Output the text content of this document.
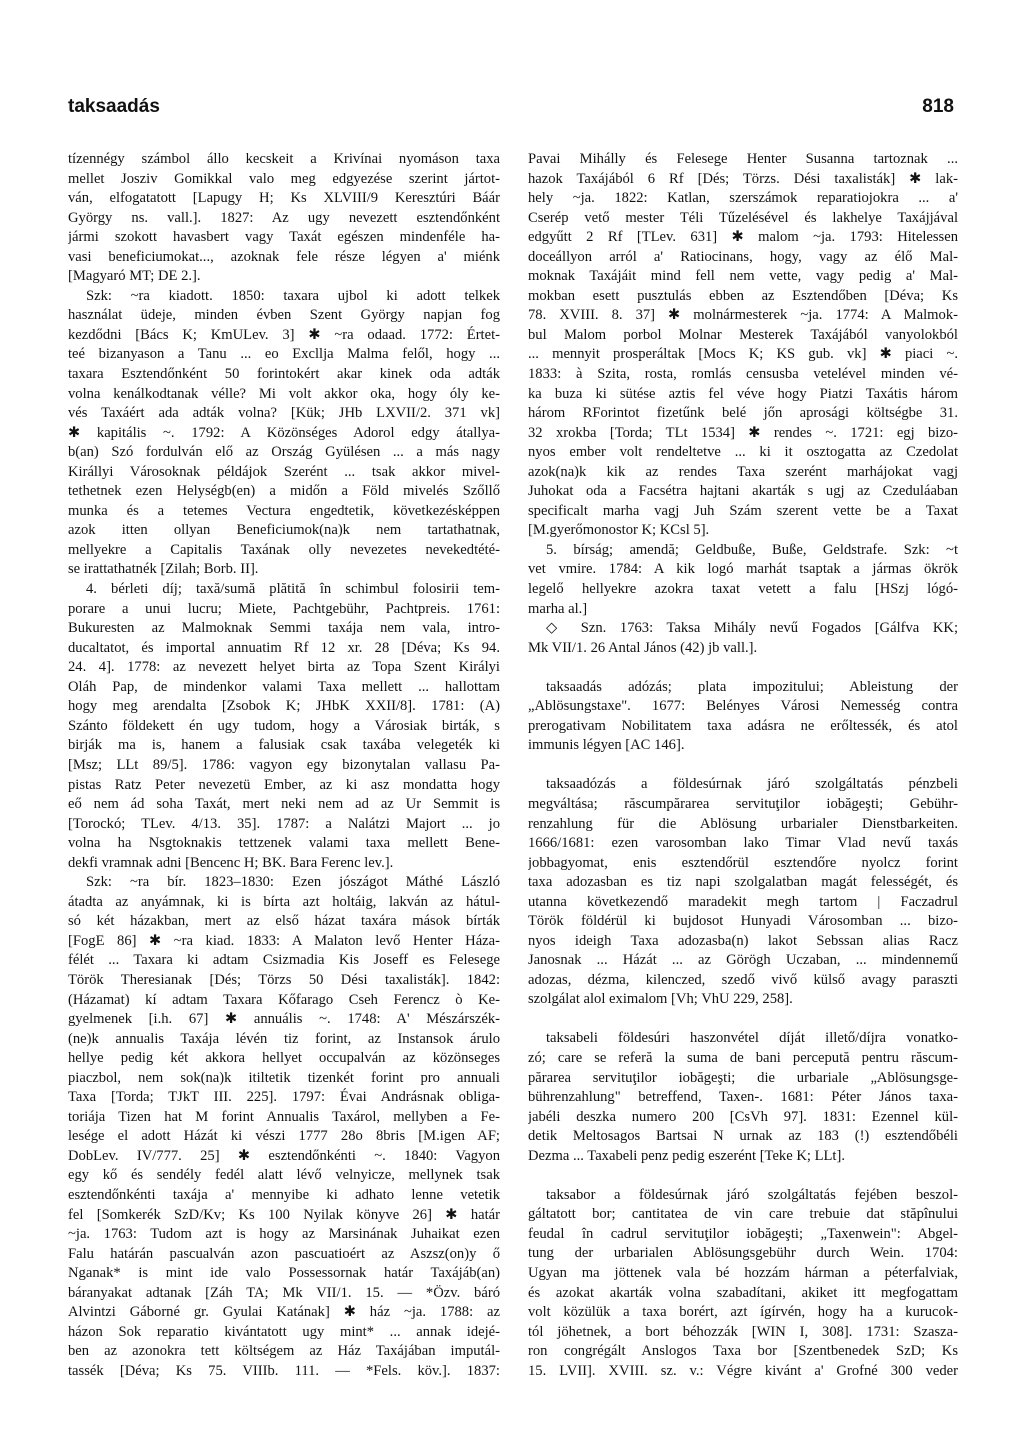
taksaadás	818
tízennégy számbol állo kecskeit a Krivínai nyomáson taxa
mellet Josziv Gomikkal valo meg edgyezése szerint jártot-
ván, elfogatatott [Lapugy H; Ks XLVIII/9 Keresztúri Báár
György ns. vall.]. 1827: Az ugy nevezett esztendőnként
jármi szokott havasbert vagy Taxát egészen mindenféle ha-
vasi beneficiumokat..., azoknak fele része légyen a' miénk
[Magyaró MT; DE 2.].
Szk: ~ra kiadott. 1850: taxara ujbol ki adott telkek
használat üdeje, minden évben Szent György napjan fog
kezdődni [Bács K; KmULev. 3] ✱ ~ra odaad. 1772: Értet-
teé bizanyason a Tanu ... eo Excllja Malma felől, hogy ...
taxara Esztendőnként 50 forintokért akar kinek oda adták
volna kenálkodtanak vélle? Mi volt akkor oka, hogy óly ke-
vés Taxáért ada adták volna? [Kük; JHb LXVII/2. 371 vk]
✱ kapitális ~. 1792: A Közönséges Adorol edgy átallya-
b(an) Szó fordulván elő az Ország Gyülésen ... a más nagy
Királlyi Városoknak példájok Szerént ... tsak akkor mivel-
tethetnek ezen Helységb(en) a midőn a Föld mivelés Szőllő
munka és a tetemes Vectura engedtetik, következésképpen
azok itten ollyan Beneficiumok(na)k nem tartathatnak,
mellyekre a Capitalis Taxának olly nevezetes nevekedtété-
se irattathatnék [Zilah; Borb. II].
4. bérleti díj; taxă/sumă plătită în schimbul folosirii tem-
porare a unui lucru; Miete, Pachtgebühr, Pachtpreis. 1761:
Bukuresten az Malmoknak Semmi taxája nem vala, intro-
ducaltatot, és importal annuatim Rf 12 xr. 28 [Déva; Ks 94.
24. 4]. 1778: az nevezett helyet birta az Topa Szent Királyi
Oláh Pap, de mindenkor valami Taxa mellett ... hallottam
hogy meg arendalta [Zsobok K; JHbK XXII/8]. 1781: (A)
Szánto földekett én ugy tudom, hogy a Városiak birták, s
birják ma is, hanem a falusiak csak taxába velegeték ki
[Msz; LLt 89/5]. 1786: vagyon egy bizonytalan vallasu Pa-
pistas Ratz Peter nevezetü Ember, az ki asz mondatta hogy
eő nem ád soha Taxát, mert neki nem ad az Ur Semmit is
[Torockó; TLev. 4/13. 35]. 1787: a Nalátzi Majort ... jo
volna ha Nsgtoknakis tettzenek valami taxa mellett Bene-
dekfi vramnak adni [Bencenc H; BK. Bara Ferenc lev.].
Szk: ~ra bír. 1823–1830: Ezen jószágot Máthé László
átadta az anyámnak, ki is bírta azt holtáig, lakván az hátul-
só két házakban, mert az első házat taxára mások bírták
[FogE 86] ✱ ~ra kiad. 1833: A Malaton levő Henter Háza-
félét ... Taxara ki adtam Csizmadia Kis Joseff es Felesege
Török Theresianak [Dés; Törzs 50 Dési taxalisták]. 1842:
(Házamat) kí adtam Taxara Kőfarago Cseh Ferencz ò Ke-
gyelmenek [i.h. 67] ✱ annuális ~. 1748: A' Mészárszék-
(ne)k annualis Taxája lévén tiz forint, az Instansok árulo
hellye pedig két akkora hellyet occupalván az közönseges
piaczbol, nem sok(na)k itiltetik tizenkét forint pro annuali
Taxa [Torda; TJkT III. 225]. 1797: Évai Andrásnak obliga-
toriája Tizen hat M forint Annualis Taxárol, mellyben a Fe-
lesége el adott Házát ki vészi 1777 28o 8bris [M.igen AF;
DobLev. IV/777. 25] ✱ esztendőnkénti ~. 1840: Vagyon
egy kő és sendély fedél alatt lévő velnyicze, mellynek tsak
esztendőnkénti taxája a' mennyibe ki adhato lenne vetetik
fel [Somkerék SzD/Kv; Ks 100 Nyilak könyve 26] ✱ határ
~ja. 1763: Tudom azt is hogy az Marsinának Juhaikat ezen
Falu határán pascualván azon pascuatioért az Aszsz(on)y ő
Nganak* is mint ide valo Possessornak határ Taxájáb(an)
báranyakat adtanak [Záh TA; Mk VII/1. 15. — *Özv. báró
Alvintzi Gáborné gr. Gyulai Katának] ✱ ház ~ja. 1788: az
házon Sok reparatio kivántatott ugy mint* ... annak idejé-
ben az azonokra tett költségem az Ház Taxájában imputál-
tassék [Déva; Ks 75. VIIIb. 111. — *Fels. köv.]. 1837:
Pavai Mihálly és Felesege Henter Susanna tartoznak ...
hazok Taxájából 6 Rf [Dés; Törzs. Dési taxalisták] ✱ lak-
hely ~ja. 1822: Katlan, szerszámok reparatiojokra ... a'
Cserép vető mester Téli Tűzelésével és lakhelye Taxájjával
edgyűtt 2 Rf [TLev. 631] ✱ malom ~ja. 1793: Hitelessen
doceállyon arról a' Ratiocinans, hogy, vagy az élő Mal-
moknak Taxájáit mind fell nem vette, vagy pedig a' Mal-
mokban esett pusztulás ebben az Esztendőben [Déva; Ks
78. XVIII. 8. 37] ✱ molnármesterek ~ja. 1774: A Malmok-
bul Malom porbol Molnar Mesterek Taxájából vanyolokból
... mennyit prosperáltak [Mocs K; KS gub. vk] ✱ piaci ~.
1833: à Szita, rosta, romlás censusba vetelével minden vé-
ka buza ki sütése aztis fel véve hogy Piatzi Taxátis három
három RForintot fizetűnk belé jőn aprosági költségbe 31.
32 xrokba [Torda; TLt 1534] ✱ rendes ~. 1721: egj bizo-
nyos ember volt rendeltetve ... ki it osztogatta az Czedolat
azok(na)k kik az rendes Taxa szerént marhájokat vagj
Juhokat oda a Facsétra hajtani akarták s ugj az Czeduláaban
specificalt marha vagj Juh Szám szerent vette be a Taxat
[M.gyerőmonostor K; KCsl 5].
5. bírság; amendă; Geldbuße, Buße, Geldstrafe. Szk: ~t
vet vmire. 1784: A kik logó marhát tsaptak a jármas ökrök
legelő hellyekre azokra taxat vetett a falu [HSzj lógó-
marha al.]
◇ Szn. 1763: Taksa Mihály nevű Fogados [Gálfva KK;
Mk VII/1. 26 Antal János (42) jb vall.].
taksaadás adózás; plata impozitului; Ableistung der
„Ablösungstaxe". 1677: Belényes Városi Nemesség contra
prerogativam Nobilitatem taxa adásra ne erőltessék, és atol
immunis légyen [AC 146].
taksaadózás a földesúrnak járó szolgáltatás pénzbeli
megváltása; răscumpărarea servituţilor iobăgeşti; Gebühr-
renzahlung für die Ablösung urbarialer Dienstbarkeiten.
1666/1681: ezen varosomban lako Timar Vlad nevű taxás
jobbagyomat, enis esztendőrül esztendőre nyolcz forint
taxa adozasban es tiz napi szolgalatban magát felességét, és
utanna következendő maradekit megh tartom | Faczadrul
Török földérül ki bujdosot Hunyadi Városomban ... bizo-
nyos ideigh Taxa adozasba(n) lakot Sebssan alias Racz
Janosnak ... Házát ... az Görögh Uczaban, ... mindennemű
adozas, dézma, kilenczed, szedő vivő külső avagy paraszti
szolgálat alol eximalom [Vh; VhU 229, 258].
taksabeli földesúri haszonvétel díját illető/díjra vonatko-
zó; care se referă la suma de bani percepută pentru răscum-
părarea servituţilor iobăgeşti; die urbariale „Ablösungsge-
bührenzahlung" betreffend, Taxen-. 1681: Péter János taxa-
jabéli deszka numero 200 [CsVh 97]. 1831: Ezennel kül-
detik Meltosagos Bartsai N urnak az 183 (!) esztendőbéli
Dezma ... Taxabeli penz pedig eszerént [Teke K; LLt].
taksabor a földesúrnak járó szolgáltatás fejében beszol-
gáltatott bor; cantitatea de vin care trebuie dat stăpînului
feudal în cadrul servituţilor iobăgeşti; „Taxenwein": Abgel-
tung der urbarialen Ablösungsgebühr durch Wein. 1704:
Ugyan ma jöttenek vala bé hozzám hárman a péterfalviak,
és azokat akarták volna szabadítani, akiket itt megfogattam
volt közülük a taxa borért, azt ígírvén, hogy ha a kurucok-
tól jöhetnek, a bort béhozzák [WIN I, 308]. 1731: Szasza-
ron congrégált Anslogos Taxa bor [Szentbenedek SzD; Ks
15. LVII]. XVIII. sz. v.: Végre kivánt a' Grofné 300 veder
